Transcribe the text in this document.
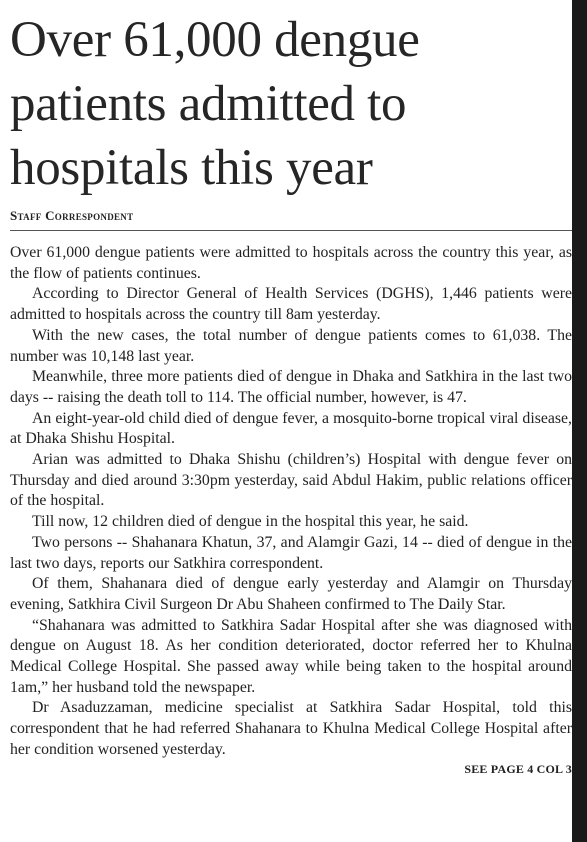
Over 61,000 dengue
patients admitted to
hospitals this year
Staff Correspondent

Over 61,000 dengue patients were admitted to hospitals across the country this year, as the flow of patients continues.

According to Director General of Health Services (DGHS), 1,446 patients were admitted to hospitals across the country till 8am yesterday.

With the new cases, the total number of dengue patients comes to 61,038. The number was 10,148 last year.

Meanwhile, three more patients died of dengue in Dhaka and Satkhira in the last two days -- raising the death toll to 114. The official number, however, is 47.

An eight-year-old child died of dengue fever, a mosquito-borne tropical viral disease, at Dhaka Shishu Hospital.

Arian was admitted to Dhaka Shishu (children’s) Hospital with dengue fever on Thursday and died around 3:30pm yesterday, said Abdul Hakim, public relations officer of the hospital.

Till now, 12 children died of dengue in the hospital this year, he said.

Two persons -- Shahanara Khatun, 37, and Alamgir Gazi, 14 -- died of dengue in the last two days, reports our Satkhira correspondent.

Of them, Shahanara died of dengue early yesterday and Alamgir on Thursday evening, Satkhira Civil Surgeon Dr Abu Shaheen confirmed to The Daily Star.

“Shahanara was admitted to Satkhira Sadar Hospital after she was diagnosed with dengue on August 18. As her condition deteriorated, doctor referred her to Khulna Medical College Hospital. She passed away while being taken to the hospital around 1am,” her husband told the newspaper.

Dr Asaduzzaman, medicine specialist at Satkhira Sadar Hospital, told this correspondent that he had referred Shahanara to Khulna Medical College Hospital after her condition worsened yesterday.

SEE PAGE 4 COL 3
